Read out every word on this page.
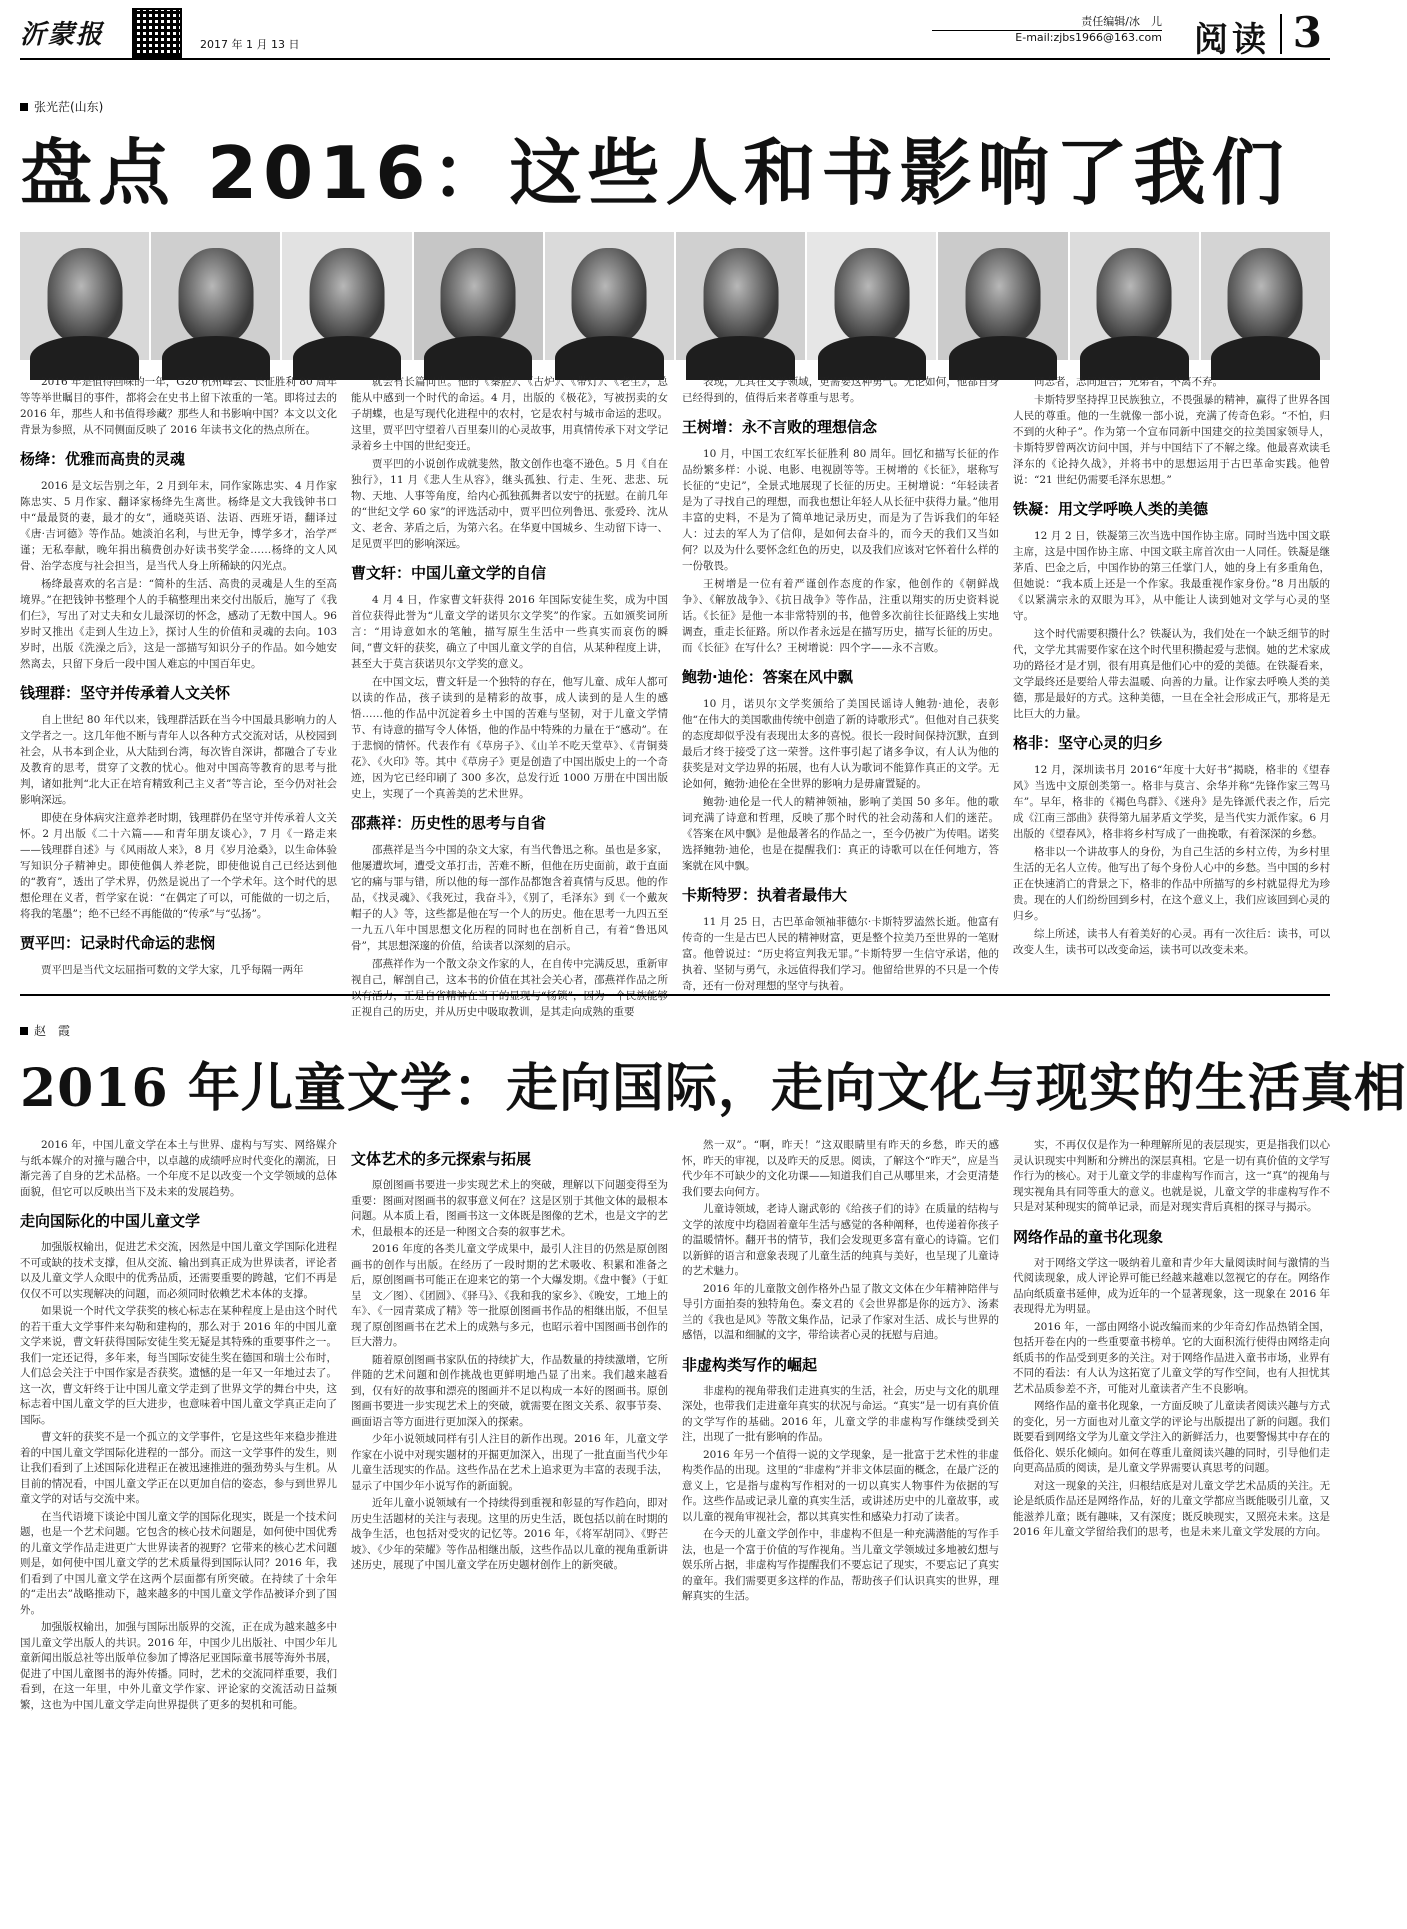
沂蒙报	2017 年 1 月 13 日
责任编辑/冰　儿
E-mail:zjbs1966@163.com 阅读 3
张光茫(山东)
盘点 2016：这些人和书影响了我们

2016 年是值得回味的一年，G20 杭州峰会、长征胜利 80 周年等等举世瞩目的事件，都将会在史书上留下浓重的一笔。即将过去的 2016 年，那些人和书值得珍藏？那些人和书影响中国？本文以文化背景为参照，从不同侧面反映了 2016 年读书文化的热点所在。

杨绛：优雅而高贵的灵魂

2016 是文坛告别之年，2 月到年末，同作家陈忠实、4 月作家陈忠实、5 月作家、翻译家杨绛先生离世。杨绛是文大我钱钟书口中“最最贤的妻，最才的女”，通晓英语、法语、西班牙语，翻译过《唐·吉诃德》等作品。她淡泊名利，与世无争，博学多才，治学严谨；无私奉献，晚年捐出稿费创办好读书奖学金……杨绛的文人风骨、治学态度与社会担当，是当代人身上所稀缺的闪光点。

杨绛最喜欢的名言是：“简朴的生活、高贵的灵魂是人生的至高境界。”在把钱钟书整理个人的手稿整理出来交付出版后，施写了《我们仨》，写出了对丈夫和女儿最深切的怀念，感动了无数中国人。96 岁时又推出《走到人生边上》，探讨人生的价值和灵魂的去向。103 岁时，出版《洗澡之后》，这是一部描写知识分子的作品。如今她安然离去，只留下身后一段中国人难忘的中国百年史。

钱理群：坚守并传承着人文关怀

自上世纪 80 年代以来，钱理群活跃在当今中国最具影响力的人文学者之一。这几年他不断与青年人以各种方式交流对话，从校园到社会，从书本到企业，从大陆到台湾，每次皆自深讲，都融合了专业及教育的思考，贯穿了文教的忧心。他对中国高等教育的思考与批判，诸如批判“北大正在培育精致利己主义者”等言论，至今仍对社会影响深远。

即使在身体病灾注意养老时期，钱理群仍在坚守并传承着人文关怀。2 月出版《二十六篇——和青年朋友谈心》，7 月《一路走来——钱理群自述》与《风雨故人来》，8 月《岁月沧桑》，以生命体验写知识分子精神史。即使他偶人养老院，即使他说自己已经达到他的“教育”，透出了学术界，仍然是说出了一个学术年。这个时代的思想伦理在义者，哲学家在说：“在偶定了可以，可能做的一切之后，将我的笔墨”；绝不已经不再能做的“传承”与“弘扬”。

贾平凹：记录时代命运的悲悯

贾平凹是当代文坛屈指可数的文学大家，几乎每隔一两年

就会有长篇问世。他的《秦腔》、《古炉》、《带灯》、《老生》，总能从中感到一个时代的命运。4 月，出版的《极花》，写被拐卖的女子胡蝶，也是写现代化进程中的农村，它是农村与城市命运的悲叹。这里，贾平凹守望着八百里秦川的心灵故事，用真情传承下对文学记录着乡土中国的世纪变迁。

贾平凹的小说创作成就斐然，散文创作也毫不逊色。5 月《自在独行》，11 月《悲人生从容》，继头孤独、行走、生死、悲悲、玩物、天地、人事等角度，给内心孤独孤舞者以安宁的抚慰。在前几年的“世纪文学 60 家”的评选活动中，贾平凹位列鲁迅、张爱玲、沈从文、老舍、茅盾之后，为第六名。在华夏中国城乡、生动留下诗一、足见贾平凹的影响深远。

曹文轩：中国儿童文学的自信

4 月 4 日，作家曹文轩获得 2016 年国际安徒生奖，成为中国首位获得此誉为“儿童文学的诺贝尔文学奖”的作家。五如颁奖词所言：“用诗意如水的笔触，描写原生生活中一些真实而哀伤的瞬间，”曹文轩的获奖，确立了中国儿童文学的自信，从某种程度上讲，甚至大于莫言获诺贝尔文学奖的意义。

在中国文坛，曹文轩是一个独特的存在，他写儿童、成年人都可以读的作品，孩子读到的是精彩的故事，成人读到的是人生的感悟……他的作品中沉淀着乡土中国的苦难与坚韧，对于儿童文学情节、有诗意的描写令人体悟，他的作品中特殊的力量在于“感动”。在于悲悯的情怀。代表作有《草房子》、《山羊不吃天堂草》、《青铜葵花》、《火印》等。其中《草房子》更是创造了中国出版史上的一个奇迹，因为它已经印刷了 300 多次，总发行近 1000 万册在中国出版史上，实现了一个真善美的艺术世界。

邵燕祥：历史性的思考与自省

邵燕祥是当今中国的杂文大家，有当代鲁迅之称。虽也是多家，他屡遭坎坷，遭受文革打击，苦难不断，但他在历史面前，敢于直面它的痛与罪与错，所以他的每一部作品都饱含着真情与反思。他的作品，《找灵魂》、《我死过，我奋斗》，《别了，毛泽东》到《一个戴灰帽子的人》等，这些都是他在写一个人的历史。他在思考一九四五至一九五八年中国思想文化历程的同时也在剖析自己，有着“鲁迅风骨”，其思想深邃的价值，给读者以深刻的启示。

邵燕祥作为一个散文杂文作家的人，在自传中完满反思，重新审视自己，解剖自己，这本书的价值在其社会关心者，邵燕祥作品之所以有活力，正是自省精神在当下的显现与“杨锁”，因为一个民族能够正视自己的历史，并从历史中吸取教训，是其走向成熟的重要

表现，尤其在文学领域，更需要这种勇气。无论如何，他都自身已经得到的，值得后来者尊重与思考。

王树增：永不言败的理想信念

10 月，中国工农红军长征胜利 80 周年。回忆和描写长征的作品纷繁多样：小说、电影、电视剧等等。王树增的《长征》，堪称写长征的“史记”，全景式地展现了长征的历史。王树增说：“年轻读者是为了寻找自己的理想，而我也想让年轻人从长征中获得力量。”他用丰富的史料，不是为了简单地记录历史，而是为了告诉我们的年轻人：过去的军人为了信仰，是如何去奋斗的，而今天的我们又当如何？以及为什么要怀念红色的历史，以及我们应该对它怀着什么样的一份敬畏。

王树增是一位有着严谨创作态度的作家，他创作的《朝鲜战争》、《解放战争》、《抗日战争》等作品，注重以翔实的历史资料说话。《长征》是他一本非常特别的书，他曾多次前往长征路线上实地调查，重走长征路。所以作者永远是在描写历史，描写长征的历史。而《长征》在写什么？王树增说：四个字——永不言败。

鲍勃·迪伦：答案在风中飘

10 月，诺贝尔文学奖颁给了美国民谣诗人鲍勃·迪伦，表彰他“在伟大的美国歌曲传统中创造了新的诗歌形式”。但他对自己获奖的态度却似乎没有表现出太多的喜悦。很长一段时间保持沉默，直到最后才终于接受了这一荣誉。这件事引起了诸多争议，有人认为他的获奖是对文学边界的拓展，也有人认为歌词不能算作真正的文学。无论如何，鲍勃·迪伦在全世界的影响力是毋庸置疑的。

鲍勃·迪伦是一代人的精神领袖，影响了美国 50 多年。他的歌词充满了诗意和哲理，反映了那个时代的社会动荡和人们的迷茫。《答案在风中飘》是他最著名的作品之一，至今仍被广为传唱。诺奖选择鲍勃·迪伦，也是在提醒我们：真正的诗歌可以在任何地方，答案就在风中飘。

卡斯特罗：执着者最伟大

11 月 25 日，古巴革命领袖菲德尔·卡斯特罗溘然长逝。他富有传奇的一生是古巴人民的精神财富，更是整个拉美乃至世界的一笔财富。他曾说过：“历史将宣判我无罪。”卡斯特罗一生信守承诺，他的执着、坚韧与勇气，永远值得我们学习。他留给世界的不只是一个传奇，还有一份对理想的坚守与执着。

同志者，志同道合；兄弟者，不离不弃。

卡斯特罗坚持捍卫民族独立，不畏强暴的精神，赢得了世界各国人民的尊重。他的一生就像一部小说，充满了传奇色彩。“不怕，归不到的火种子”。作为第一个宣布同新中国建交的拉美国家领导人，卡斯特罗曾两次访问中国，并与中国结下了不解之缘。他最喜欢读毛泽东的《论持久战》，并将书中的思想运用于古巴革命实践。他曾说：“21 世纪仍需要毛泽东思想。”

铁凝：用文学呼唤人类的美德

12 月 2 日，铁凝第三次当选中国作协主席。同时当选中国文联主席，这是中国作协主席、中国文联主席首次由一人同任。铁凝是继茅盾、巴金之后，中国作协的第三任掌门人，她的身上有多重角色，但她说：“我本质上还是一个作家。我最重视作家身份。”8 月出版的《以紧满宗永的双眼为耳》，从中能让人读到她对文学与心灵的坚守。

这个时代需要积攒什么？铁凝认为，我们处在一个缺乏细节的时代，文学尤其需要作家在这个时代里积攒起爱与悲悯。她的艺术家成功的路径才是才别，很有用真是他们心中的爱的美德。在铁凝看来，文学最终还是要给人带去温暖、向善的力量。让作家去呼唤人类的美德，那是最好的方式。这种美德，一旦在全社会形成正气，那将是无比巨大的力量。

格非：坚守心灵的归乡

12 月，深圳读书月 2016“年度十大好书”揭晓，格非的《望春风》当选中文原创类第一。格非与莫言、余华并称“先锋作家三驾马车”。早年，格非的《褐色鸟群》、《迷舟》是先锋派代表之作，后完成《江南三部曲》获得第九届茅盾文学奖，是当代实力派作家。6 月出版的《望春风》，格非将乡村写成了一曲挽歌，有着深深的乡愁。

格非以一个讲故事人的身份，为自己生活的乡村立传，为乡村里生活的无名人立传。他写出了每个身份人心中的乡愁。当中国的乡村正在快速消亡的背景之下，格非的作品中所描写的乡村就显得尤为珍贵。现在的人们纷纷回到乡村，在这个意义上，我们应该回到心灵的归乡。

综上所述，读书人有着美好的心灵。再有一次往后：读书，可以改变人生，读书可以改变命运，读书可以改变未来。

赵　霞
2016 年儿童文学：走向国际，走向文化与现实的生活真相

2016 年，中国儿童文学在本土与世界、虚构与写实、网络媒介与纸本媒介的对撞与融合中，以卓越的成绩呼应时代变化的潮流，日渐完善了自身的艺术品格。一个年度不足以改变一个文学领域的总体面貌，但它可以反映出当下及未来的发展趋势。

走向国际化的中国儿童文学

加强版权输出，促进艺术交流，因然是中国儿童文学国际化进程不可或缺的技术支撑，但从交流、输出到真正成为世界读者，评论者以及儿童文学人众眼中的优秀品质，还需要重要的跨越，它们不再是仅仅不可以实现解决的问题，而必须同时依赖艺术本体的支撑。

如果说一个时代文学获奖的核心标志在某种程度上是由这个时代的若干重大文学事件来勾勒和建构的，那么对于 2016 年的中国儿童文学来说，曹文轩获得国际安徒生奖无疑是其特殊的重要事件之一。我们一定还记得，多年来，每当国际安徒生奖在德国和瑞士公布时，人们总会关注于中国作家是否获奖。遗憾的是一年又一年地过去了。这一次，曹文轩终于让中国儿童文学走到了世界文学的舞台中央，这标志着中国儿童文学的巨大进步，也意味着中国儿童文学真正走向了国际。

曹文轩的获奖不是一个孤立的文学事件，它是这些年来稳步推进着的中国儿童文学国际化进程的一部分。而这一文学事件的发生，则让我们看到了上述国际化进程正在被迅速推进的强劲势头与生机。从目前的情况看，中国儿童文学正在以更加自信的姿态，参与到世界儿童文学的对话与交流中来。

在当代语境下谈论中国儿童文学的国际化现实，既是一个技术问题，也是一个艺术问题。它包含的核心技术问题是，如何使中国优秀的儿童文学作品走进更广大世界读者的视野？它带来的核心艺术问题则是，如何使中国儿童文学的艺术质量得到国际认同？2016 年，我们看到了中国儿童文学在这两个层面都有所突破。在持续了十余年的“走出去”战略推动下，越来越多的中国儿童文学作品被译介到了国外。

加强版权输出，加强与国际出版界的交流，正在成为越来越多中国儿童文学出版人的共识。2016 年，中国少儿出版社、中国少年儿童新闻出版总社等出版单位参加了博洛尼亚国际童书展等海外书展，促进了中国儿童图书的海外传播。同时，艺术的交流同样重要，我们看到，在这一年里，中外儿童文学作家、评论家的交流活动日益频繁，这也为中国儿童文学走向世界提供了更多的契机和可能。

文体艺术的多元探索与拓展

原创图画书要进一步实现艺术上的突破，理解以下问题变得至为重要：图画对图画书的叙事意义何在？这是区别于其他文体的最根本问题。从本质上看，图画书这一文体既是图像的艺术，也是文字的艺术，但最根本的还是一种图文合奏的叙事艺术。

2016 年度的各类儿童文学成果中，最引人注目的仍然是原创图画书的创作与出版。在经历了一段时期的艺术吸收、积累和准备之后，原创图画书可能正在迎来它的第一个大爆发期。《盘中餐》（于虹呈　文／图）、《团圆》、《驿马》、《我和我的家乡》、《晚安，工地上的车》、《一园青菜成了精》等一批原创图画书作品的相继出版，不但呈现了原创图画书在艺术上的成熟与多元，也昭示着中国图画书创作的巨大潜力。

随着原创图画书家队伍的持续扩大，作品数量的持续激增，它所伴随的艺术问题和创作挑战也更鲜明地凸显了出来。我们越来越看到，仅有好的故事和漂亮的图画并不足以构成一本好的图画书。原创图画书要进一步实现艺术上的突破，就需要在图文关系、叙事节奏、画面语言等方面进行更加深入的探索。

少年小说领域同样有引人注目的新作出现。2016 年，儿童文学作家在小说中对现实题材的开掘更加深入，出现了一批直面当代少年儿童生活现实的作品。这些作品在艺术上追求更为丰富的表现手法，显示了中国少年小说写作的新面貌。

近年儿童小说领域有一个持续得到重视和彰显的写作趋向，即对历史生活题材的关注与表现。这里的历史生活，既包括以前在时期的战争生活，也包括对受灾的记忆等。2016 年，《将军胡同》、《野芒坡》、《少年的荣耀》等作品相继出版，这些作品以儿童的视角重新讲述历史，展现了中国儿童文学在历史题材创作上的新突破。

然一双”。“啊，昨天！”这双眼睛里有昨天的乡愁，昨天的感怀，昨天的审视，以及昨天的反思。阅读，了解这个“昨天”，应是当代少年不可缺少的文化功课——知道我们自己从哪里来，才会更清楚我们要去向何方。

儿童诗领域，老诗人谢武彰的《给孩子们的诗》在质量的结构与文学的浓度中均稳固着童年生活与感觉的各种阐释，也传递着你孩子的温暖情怀。翻开书的情节，我们会发现更多富有童心的诗篇。它们以新鲜的语言和意象表现了儿童生活的纯真与美好，也呈现了儿童诗的艺术魅力。

2016 年的儿童散文创作格外凸显了散文文体在少年精神陪伴与导引方面拍奏的独特角色。秦文君的《会世界都是你的远方》、汤素兰的《我也是风》等散文集作品，记录了作家对生活、成长与世界的感悟，以温和细腻的文字，带给读者心灵的抚慰与启迪。

非虚构类写作的崛起

非虚构的视角带我们走进真实的生活，社会，历史与文化的肌理深处，也带我们走进童年真实的状况与命运。“真实”是一切有真价值的文学写作的基础。2016 年，儿童文学的非虚构写作继续受到关注，出现了一批有影响的作品。

2016 年另一个值得一说的文学现象，是一批富于艺术性的非虚构类作品的出现。这里的“非虚构”并非文体层面的概念，在最广泛的意义上，它是指与虚构写作相对的一切以真实人物事件为依据的写作。这些作品或记录儿童的真实生活，或讲述历史中的儿童故事，或以儿童的视角审视社会，都以其真实性和感染力打动了读者。

在今天的儿童文学创作中，非虚构不但是一种充满潜能的写作手法，也是一个富于价值的写作视角。当儿童文学领域过多地被幻想与娱乐所占据，非虚构写作提醒我们不要忘记了现实，不要忘记了真实的童年。我们需要更多这样的作品，帮助孩子们认识真实的世界，理解真实的生活。

实，不再仅仅是作为一种理解所见的表层现实，更是指我们以心灵认识现实中判断和分辨出的深层真相。它是一切有真价值的文学写作行为的核心。对于儿童文学的非虚构写作而言，这一“真”的视角与现实视角具有同等重大的意义。也就是说，儿童文学的非虚构写作不只是对某种现实的简单记录，而是对现实背后真相的探寻与揭示。

网络作品的童书化现象

对于网络文学这一吸纳着儿童和青少年大量阅读时间与激情的当代阅读现象，成人评论界可能已经越来越难以忽视它的存在。网络作品向纸质童书延伸，成为近年的一个显著现象，这一现象在 2016 年表现得尤为明显。

2016 年，一部由网络小说改编而来的少年奇幻作品热销全国，包括开卷在内的一些重要童书榜单。它的大面积流行使得由网络走向纸质书的作品受到更多的关注。对于网络作品进入童书市场，业界有不同的看法：有人认为这拓宽了儿童文学的写作空间，也有人担忧其艺术品质参差不齐，可能对儿童读者产生不良影响。

网络作品的童书化现象，一方面反映了儿童读者阅读兴趣与方式的变化，另一方面也对儿童文学的评论与出版提出了新的问题。我们既要看到网络文学为儿童文学注入的新鲜活力，也要警惕其中存在的低俗化、娱乐化倾向。如何在尊重儿童阅读兴趣的同时，引导他们走向更高品质的阅读，是儿童文学界需要认真思考的问题。

对这一现象的关注，归根结底是对儿童文学艺术品质的关注。无论是纸质作品还是网络作品，好的儿童文学都应当既能吸引儿童，又能滋养儿童；既有趣味，又有深度；既反映现实，又照亮未来。这是 2016 年儿童文学留给我们的思考，也是未来儿童文学发展的方向。
